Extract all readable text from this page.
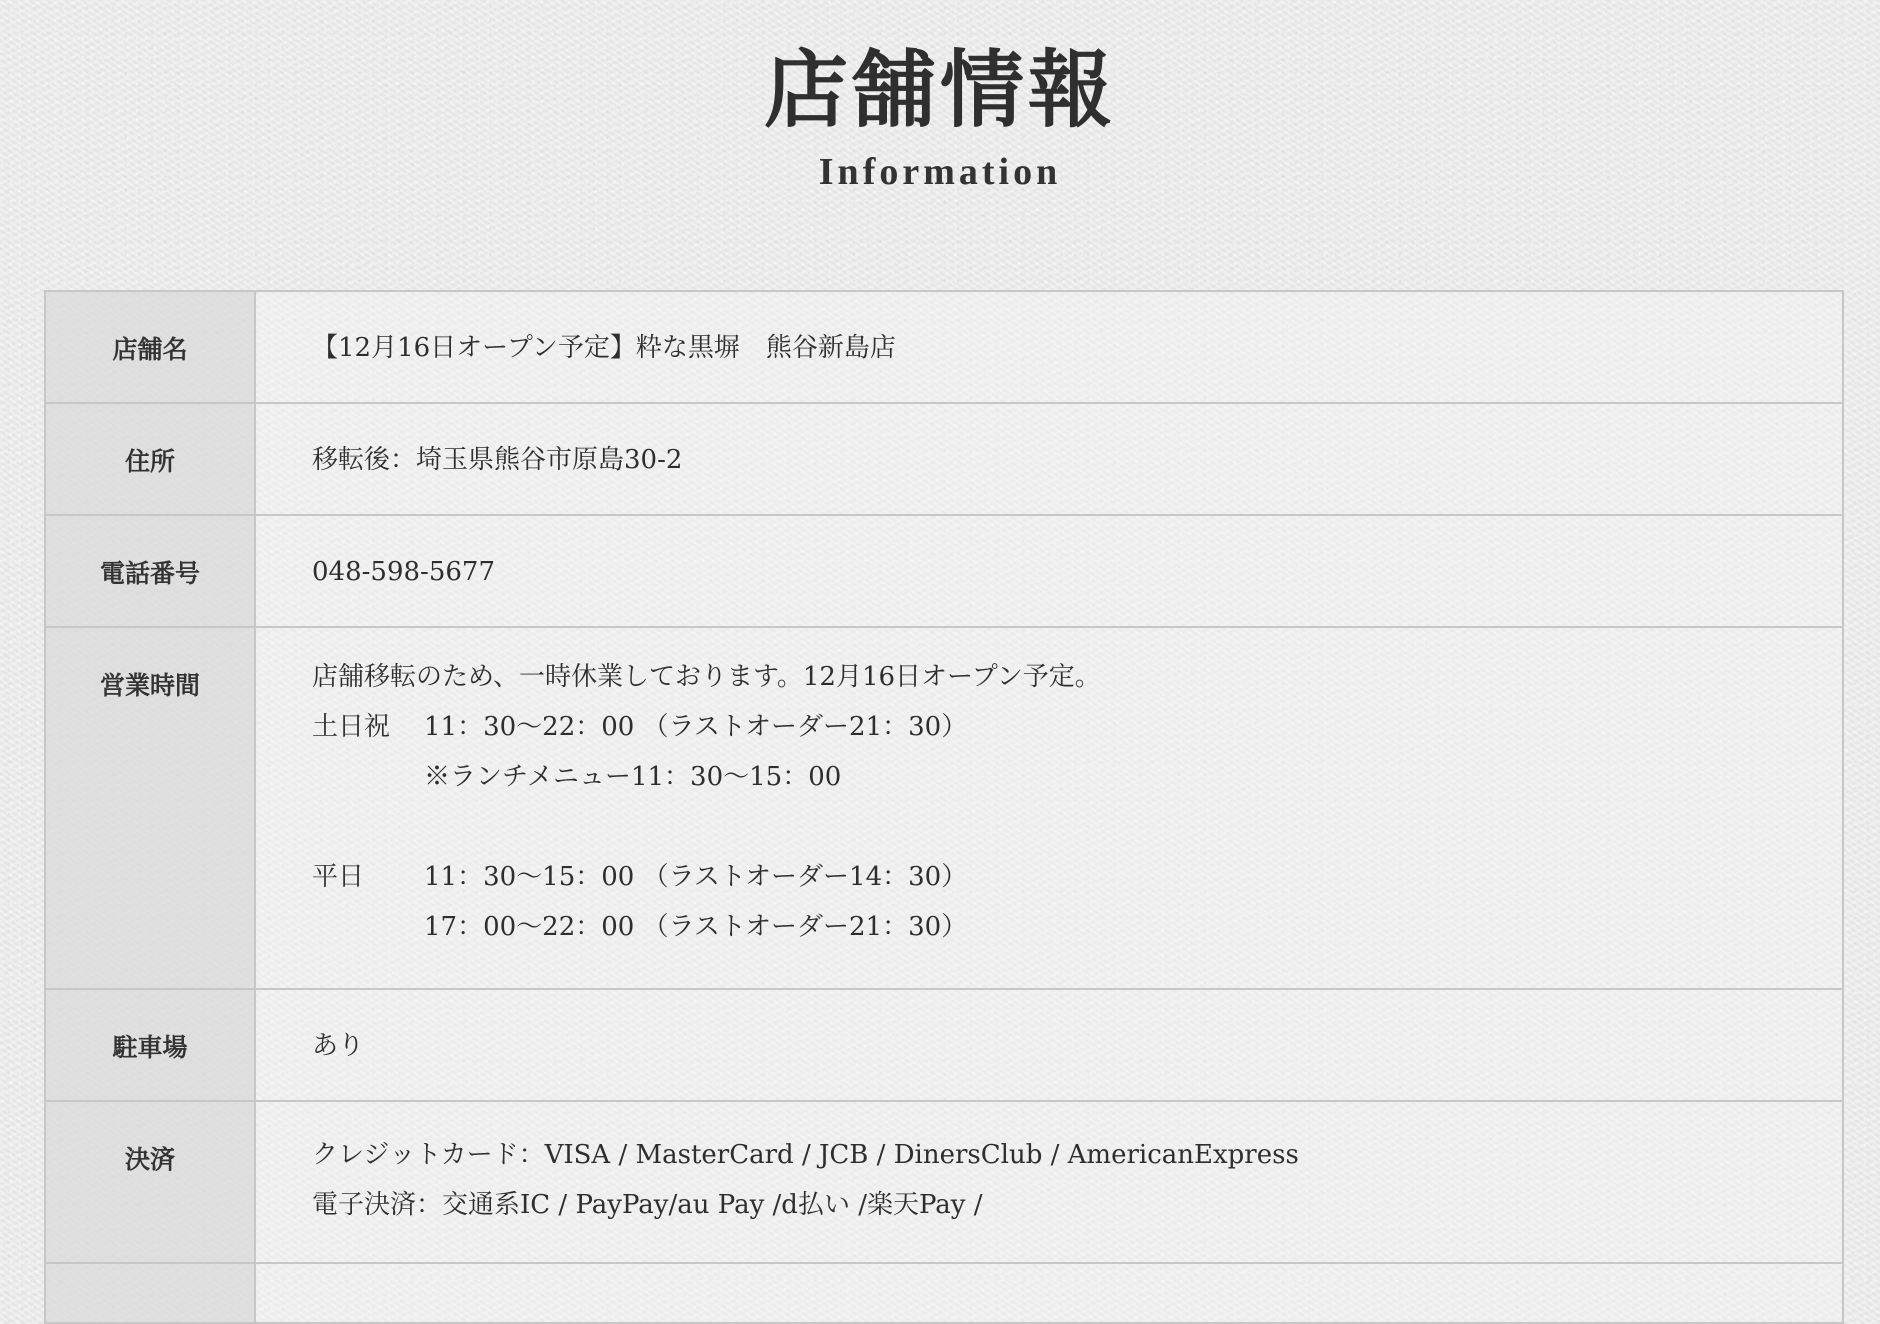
店舗情報
Information
店舗名	【12月16日オープン予定】粋な黒塀　熊谷新島店

住所	移転後：埼玉県熊谷市原島30-2

電話番号	048-598-5677

営業時間	店舗移転のため、一時休業しております。12月16日オープン予定。
土日祝 11：30〜22：00 （ラストオーダー21：30）
※ランチメニュー11：30〜15：00
平日 11：30〜15：00 （ラストオーダー14：30）
17：00〜22：00 （ラストオーダー21：30）

駐車場	あり

決済	クレジットカード：VISA / MasterCard / JCB / DinersClub / AmericanExpress
電子決済：交通系IC / PayPay/au Pay /d払い /楽天Pay /
